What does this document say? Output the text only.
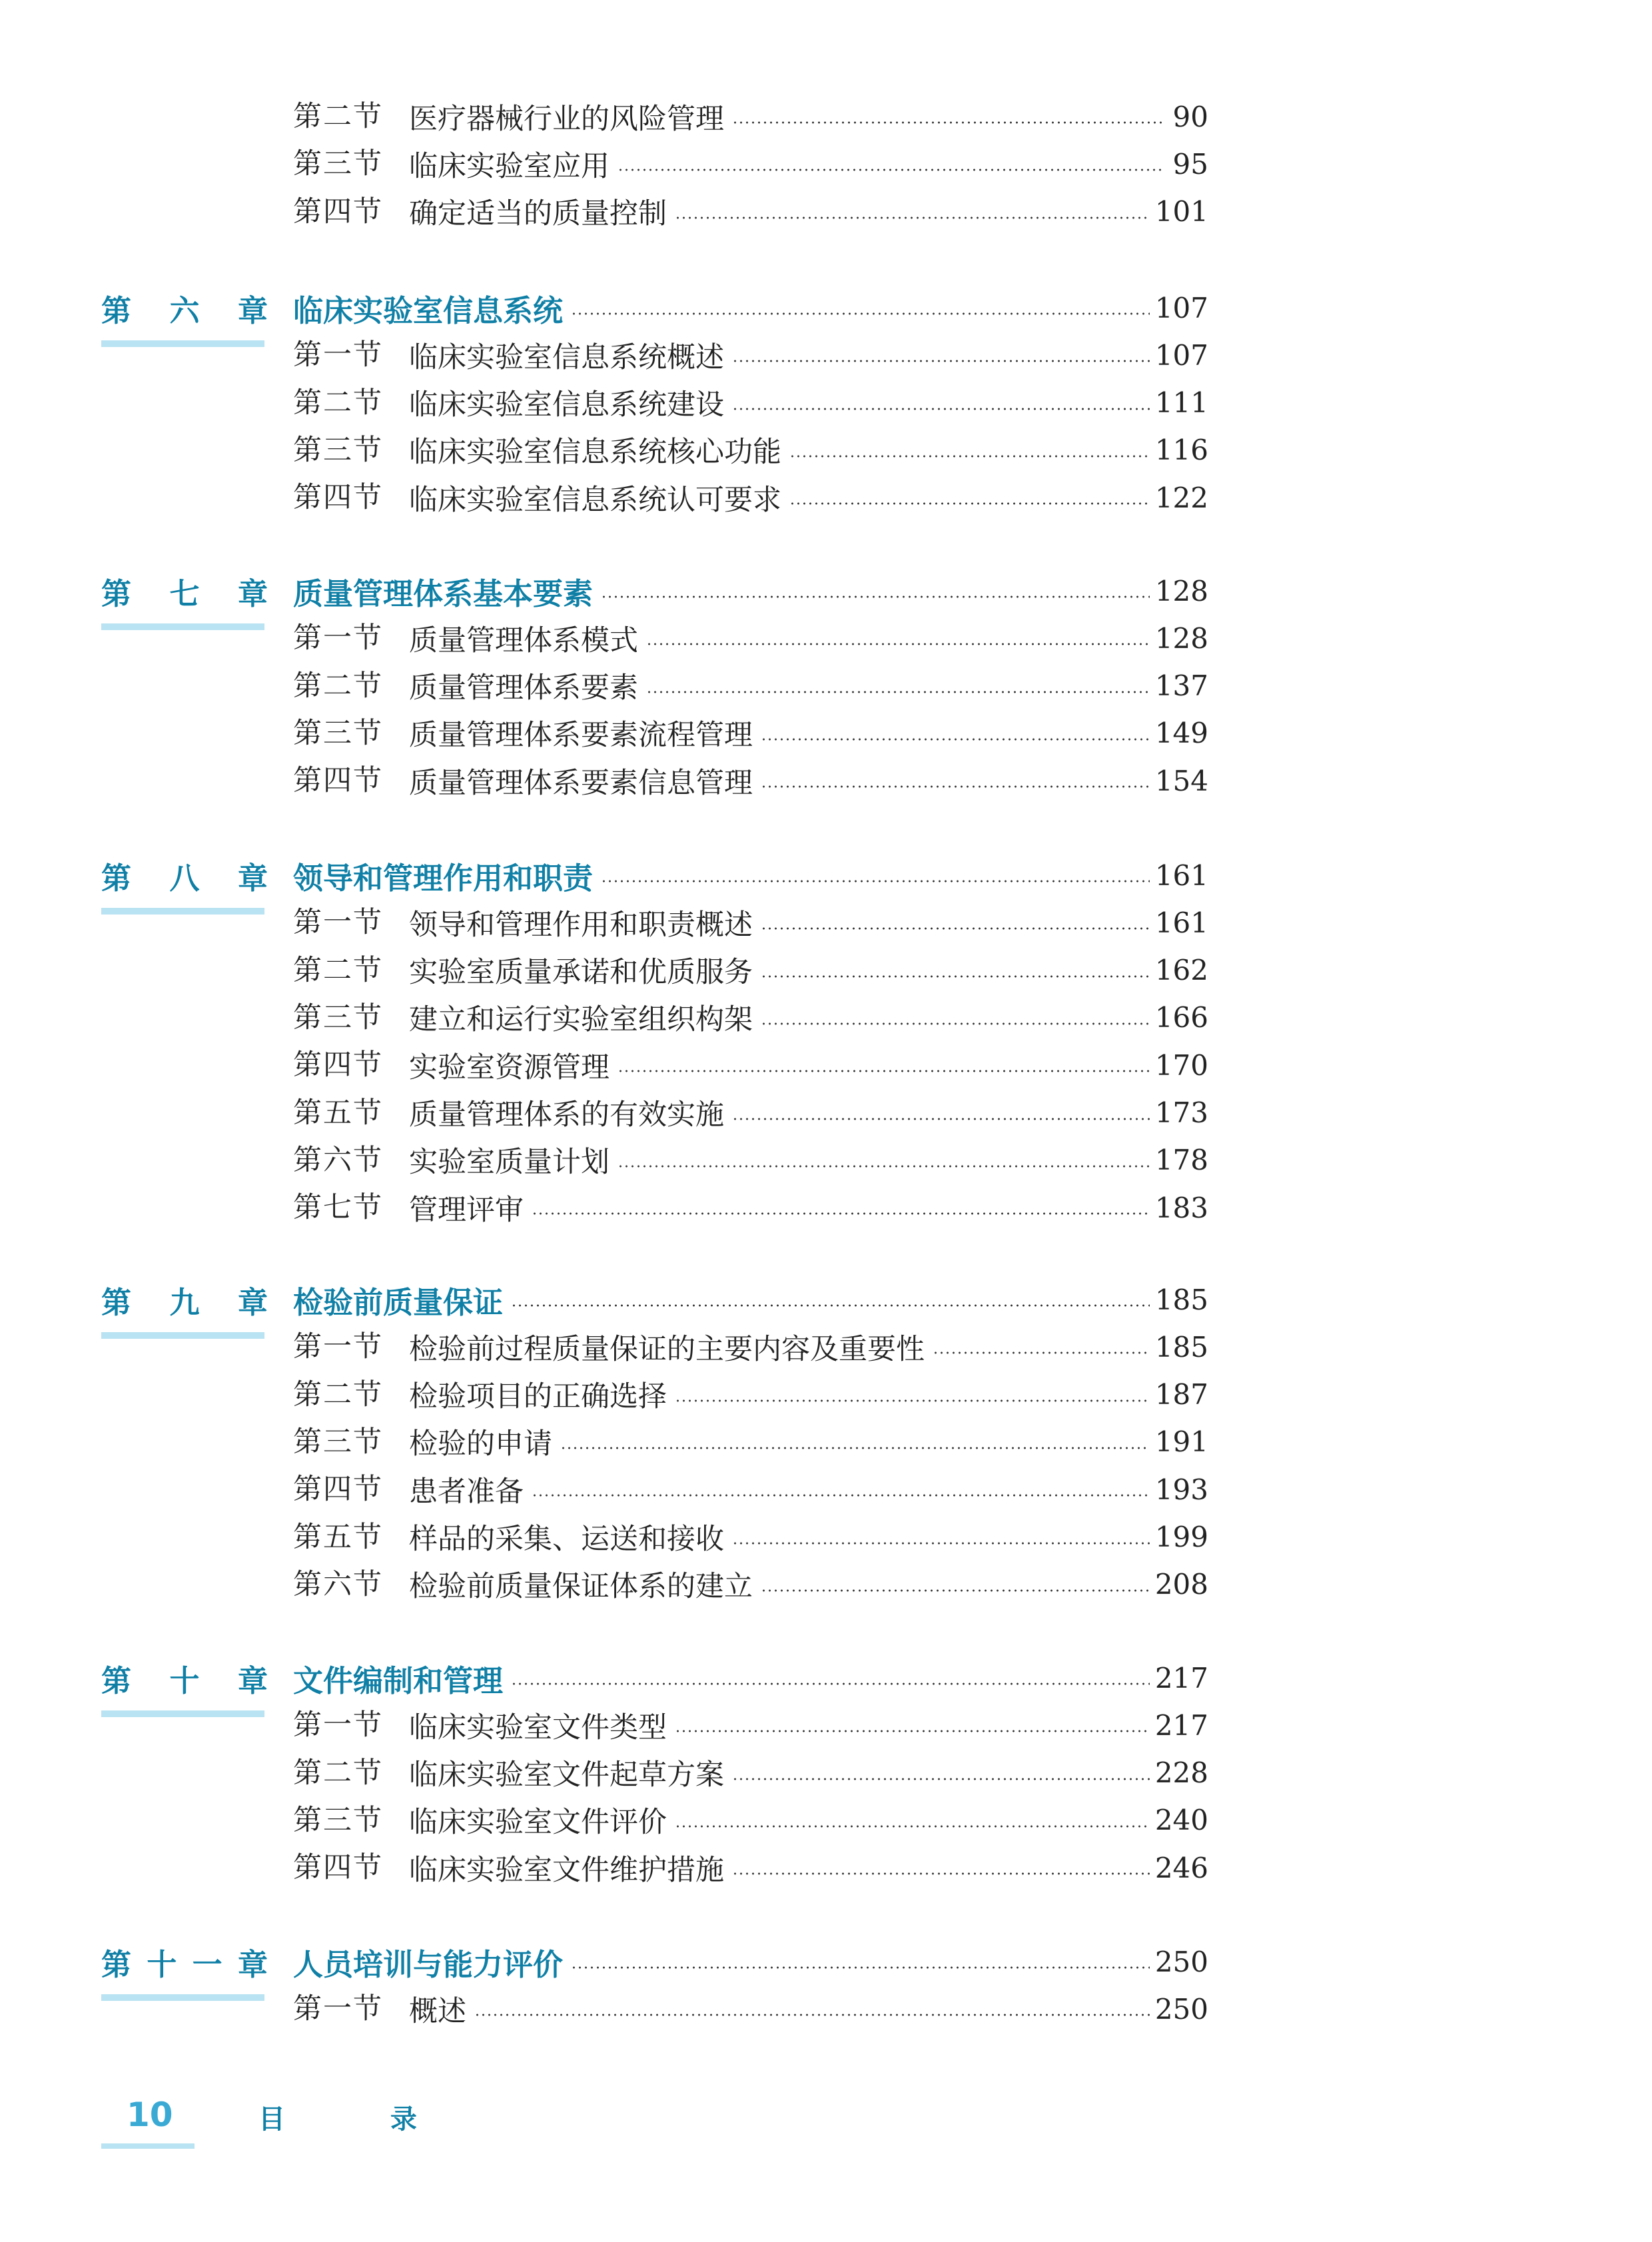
第二节 医疗器械行业的风险管理	90
第三节 临床实验室应用	95
第四节 确定适当的质量控制	101
第 六 章 临床实验室信息系统	107
第一节 临床实验室信息系统概述	107
第二节 临床实验室信息系统建设	111
第三节 临床实验室信息系统核心功能	116
第四节 临床实验室信息系统认可要求	122
第 七 章 质量管理体系基本要素	128
第一节 质量管理体系模式	128
第二节 质量管理体系要素	137
第三节 质量管理体系要素流程管理	149
第四节 质量管理体系要素信息管理	154
第 八 章 领导和管理作用和职责	161
第一节 领导和管理作用和职责概述	161
第二节 实验室质量承诺和优质服务	162
第三节 建立和运行实验室组织构架	166
第四节 实验室资源管理	170
第五节 质量管理体系的有效实施	173
第六节 实验室质量计划	178
第七节 管理评审	183
第 九 章 检验前质量保证	185
第一节 检验前过程质量保证的主要内容及重要性	185
第二节 检验项目的正确选择	187
第三节 检验的申请	191
第四节 患者准备	193
第五节 样品的采集、运送和接收	199
第六节 检验前质量保证体系的建立	208
第 十 章 文件编制和管理	217
第一节 临床实验室文件类型	217
第二节 临床实验室文件起草方案	228
第三节 临床实验室文件评价	240
第四节 临床实验室文件维护措施	246
第 十 一 章 人员培训与能力评价	250
第一节 概述	250
10	目 录
